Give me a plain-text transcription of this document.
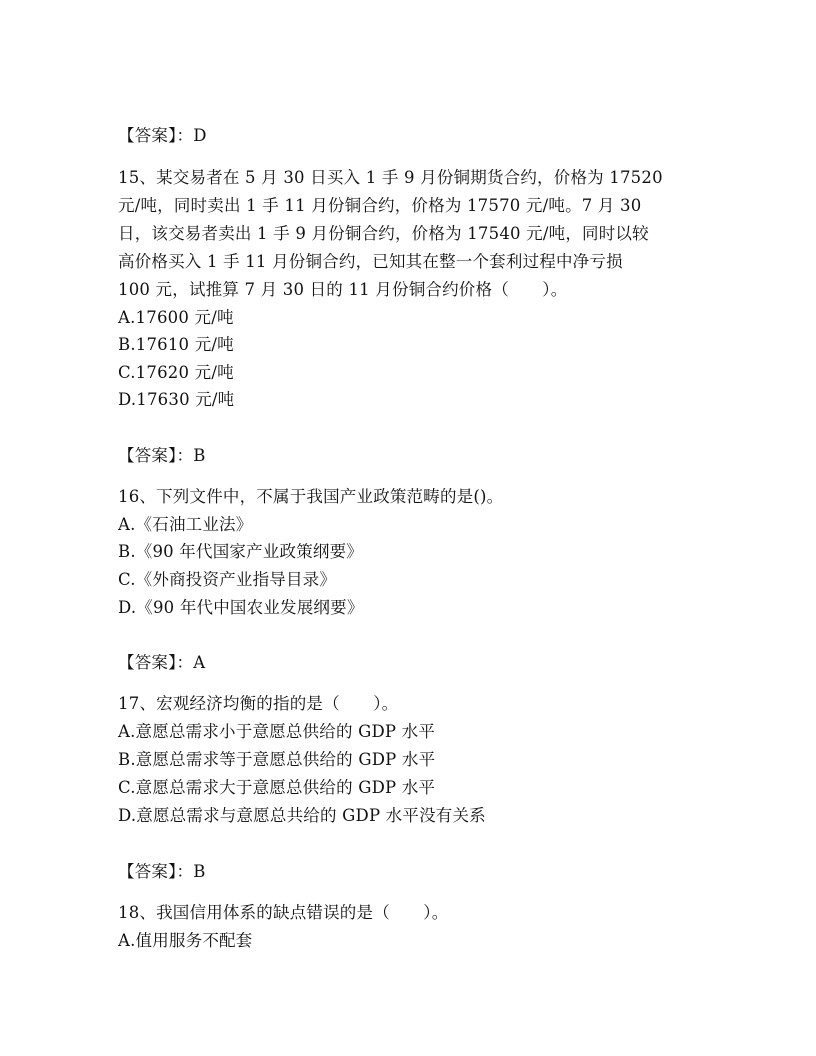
【答案】：D
15、某交易者在 5 月 30 日买入 1 手 9 月份铜期货合约，价格为 17520
元/吨，同时卖出 1 手 11 月份铜合约，价格为 17570 元/吨。7 月 30
日，该交易者卖出 1 手 9 月份铜合约，价格为 17540 元/吨，同时以较
高价格买入 1 手 11 月份铜合约，已知其在整一个套利过程中净亏损
100 元，试推算 7 月 30 日的 11 月份铜合约价格（　　）。
A.17600 元/吨
B.17610 元/吨
C.17620 元/吨
D.17630 元/吨
【答案】：B
16、下列文件中，不属于我国产业政策范畴的是()。
A.《石油工业法》
B.《90 年代国家产业政策纲要》
C.《外商投资产业指导目录》
D.《90 年代中国农业发展纲要》
【答案】：A
17、宏观经济均衡的指的是（　　）。
A.意愿总需求小于意愿总供给的 GDP 水平
B.意愿总需求等于意愿总供给的 GDP 水平
C.意愿总需求大于意愿总供给的 GDP 水平
D.意愿总需求与意愿总共给的 GDP 水平没有关系
【答案】：B
18、我国信用体系的缺点错误的是（　　）。
A.值用服务不配套
